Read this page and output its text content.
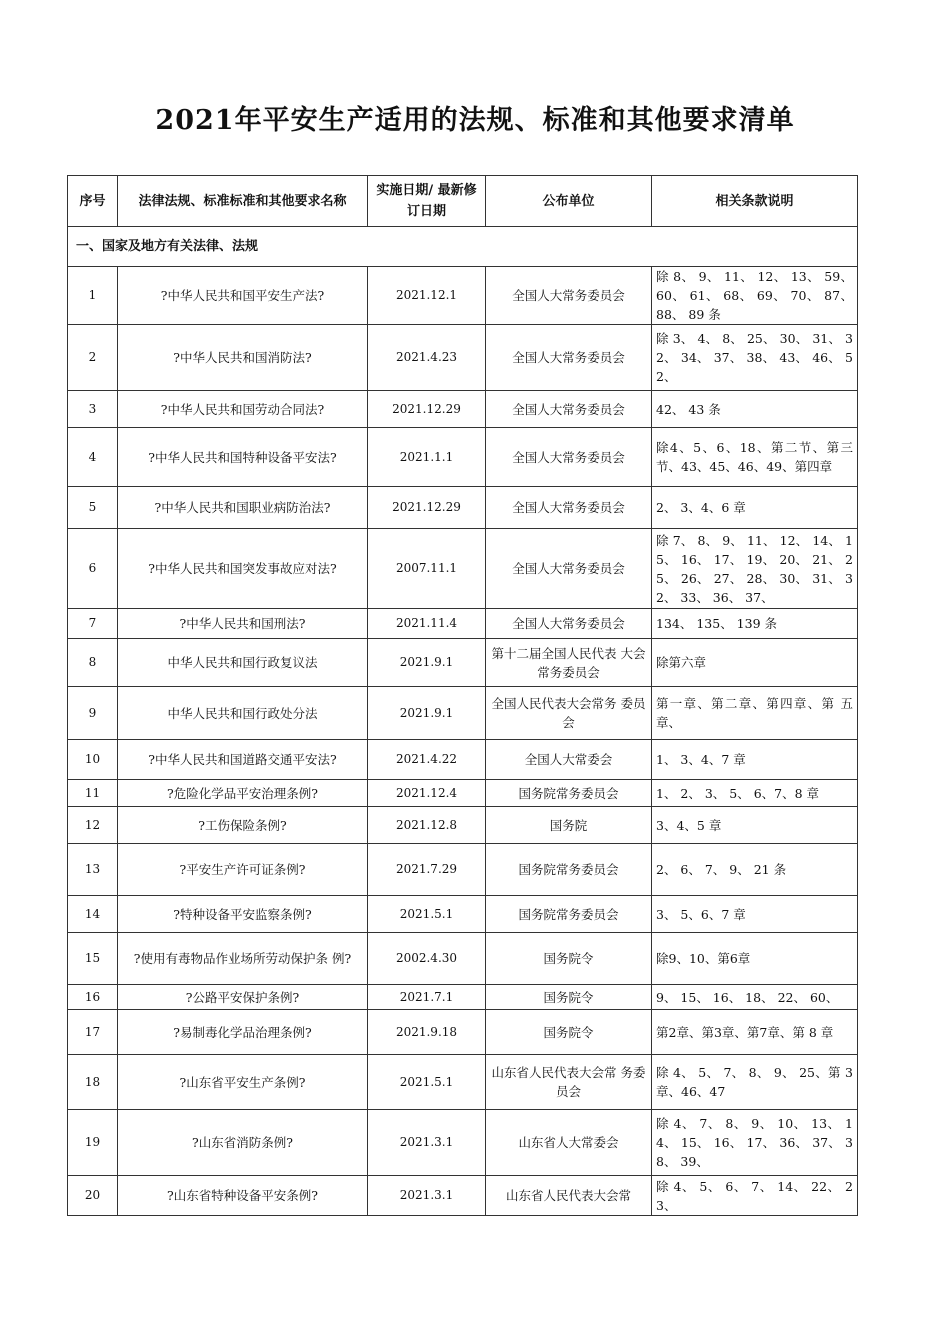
2021年平安生产适用的法规、标准和其他要求清单
序号	法律法规、标准标准和其他要求名称	实施日期/ 最新修订日期	公布单位	相关条款说明
一、国家及地方有关法律、法规				
1	?中华人民共和国平安生产法?	2021.12.1	全国人大常务委员会	除 8、 9、 11、 12、 13、 59、 60、 61、 68、 69、 70、 87、 88、 89 条
2	?中华人民共和国消防法?	2021.4.23	全国人大常务委员会	除 3、 4、 8、 25、 30、 31、 32、 34、 37、 38、 43、 46、 52、
3	?中华人民共和国劳动合同法?	2021.12.29	全国人大常务委员会	42、 43 条
4	?中华人民共和国特种设备平安法?	2021.1.1	全国人大常务委员会	除4、5、6、18、第二节、第三节、43、45、46、49、第四章
5	?中华人民共和国职业病防治法?	2021.12.29	全国人大常务委员会	2、 3、4、6 章
6	?中华人民共和国突发事故应对法?	2007.11.1	全国人大常务委员会	除 7、 8、 9、 11、 12、 14、 15、 16、 17、 19、 20、 21、 25、 26、 27、 28、 30、 31、 32、 33、 36、 37、
7	?中华人民共和国刑法?	2021.11.4	全国人大常务委员会	134、 135、 139 条
8	中华人民共和国行政复议法	2021.9.1	第十二届全国人民代表 大会常务委员会	除第六章
9	中华人民共和国行政处分法	2021.9.1	全国人民代表大会常务 委员会	第一章、第二章、第四章、第 五章、
10	?中华人民共和国道路交通平安法?	2021.4.22	全国人大常委会	1、 3、4、7 章
11	?危险化学品平安治理条例?	2021.12.4	国务院常务委员会	1、 2、 3、 5、 6、7、8 章
12	?工伤保险条例?	2021.12.8	国务院	3、4、5 章
13	?平安生产许可证条例?	2021.7.29	国务院常务委员会	2、 6、 7、 9、 21 条
14	?特种设备平安监察条例?	2021.5.1	国务院常务委员会	3、 5、6、7 章
15	?使用有毒物品作业场所劳动保护条 例?	2002.4.30	国务院令	除9、10、第6章
16	?公路平安保护条例?	2021.7.1	国务院令	9、 15、 16、 18、 22、 60、
17	?易制毒化学品治理条例?	2021.9.18	国务院令	第2章、第3章、第7章、第 8 章
18	?山东省平安生产条例?	2021.5.1	山东省人民代表大会常 务委员会	除 4、 5、 7、 8、 9、 25、第 3 章、46、47
19	?山东省消防条例?	2021.3.1	山东省人大常委会	除 4、 7、 8、 9、 10、 13、 14、 15、 16、 17、 36、 37、 38、 39、
20	?山东省特种设备平安条例?	2021.3.1	山东省人民代表大会常	除 4、 5、 6、 7、 14、 22、 23、
